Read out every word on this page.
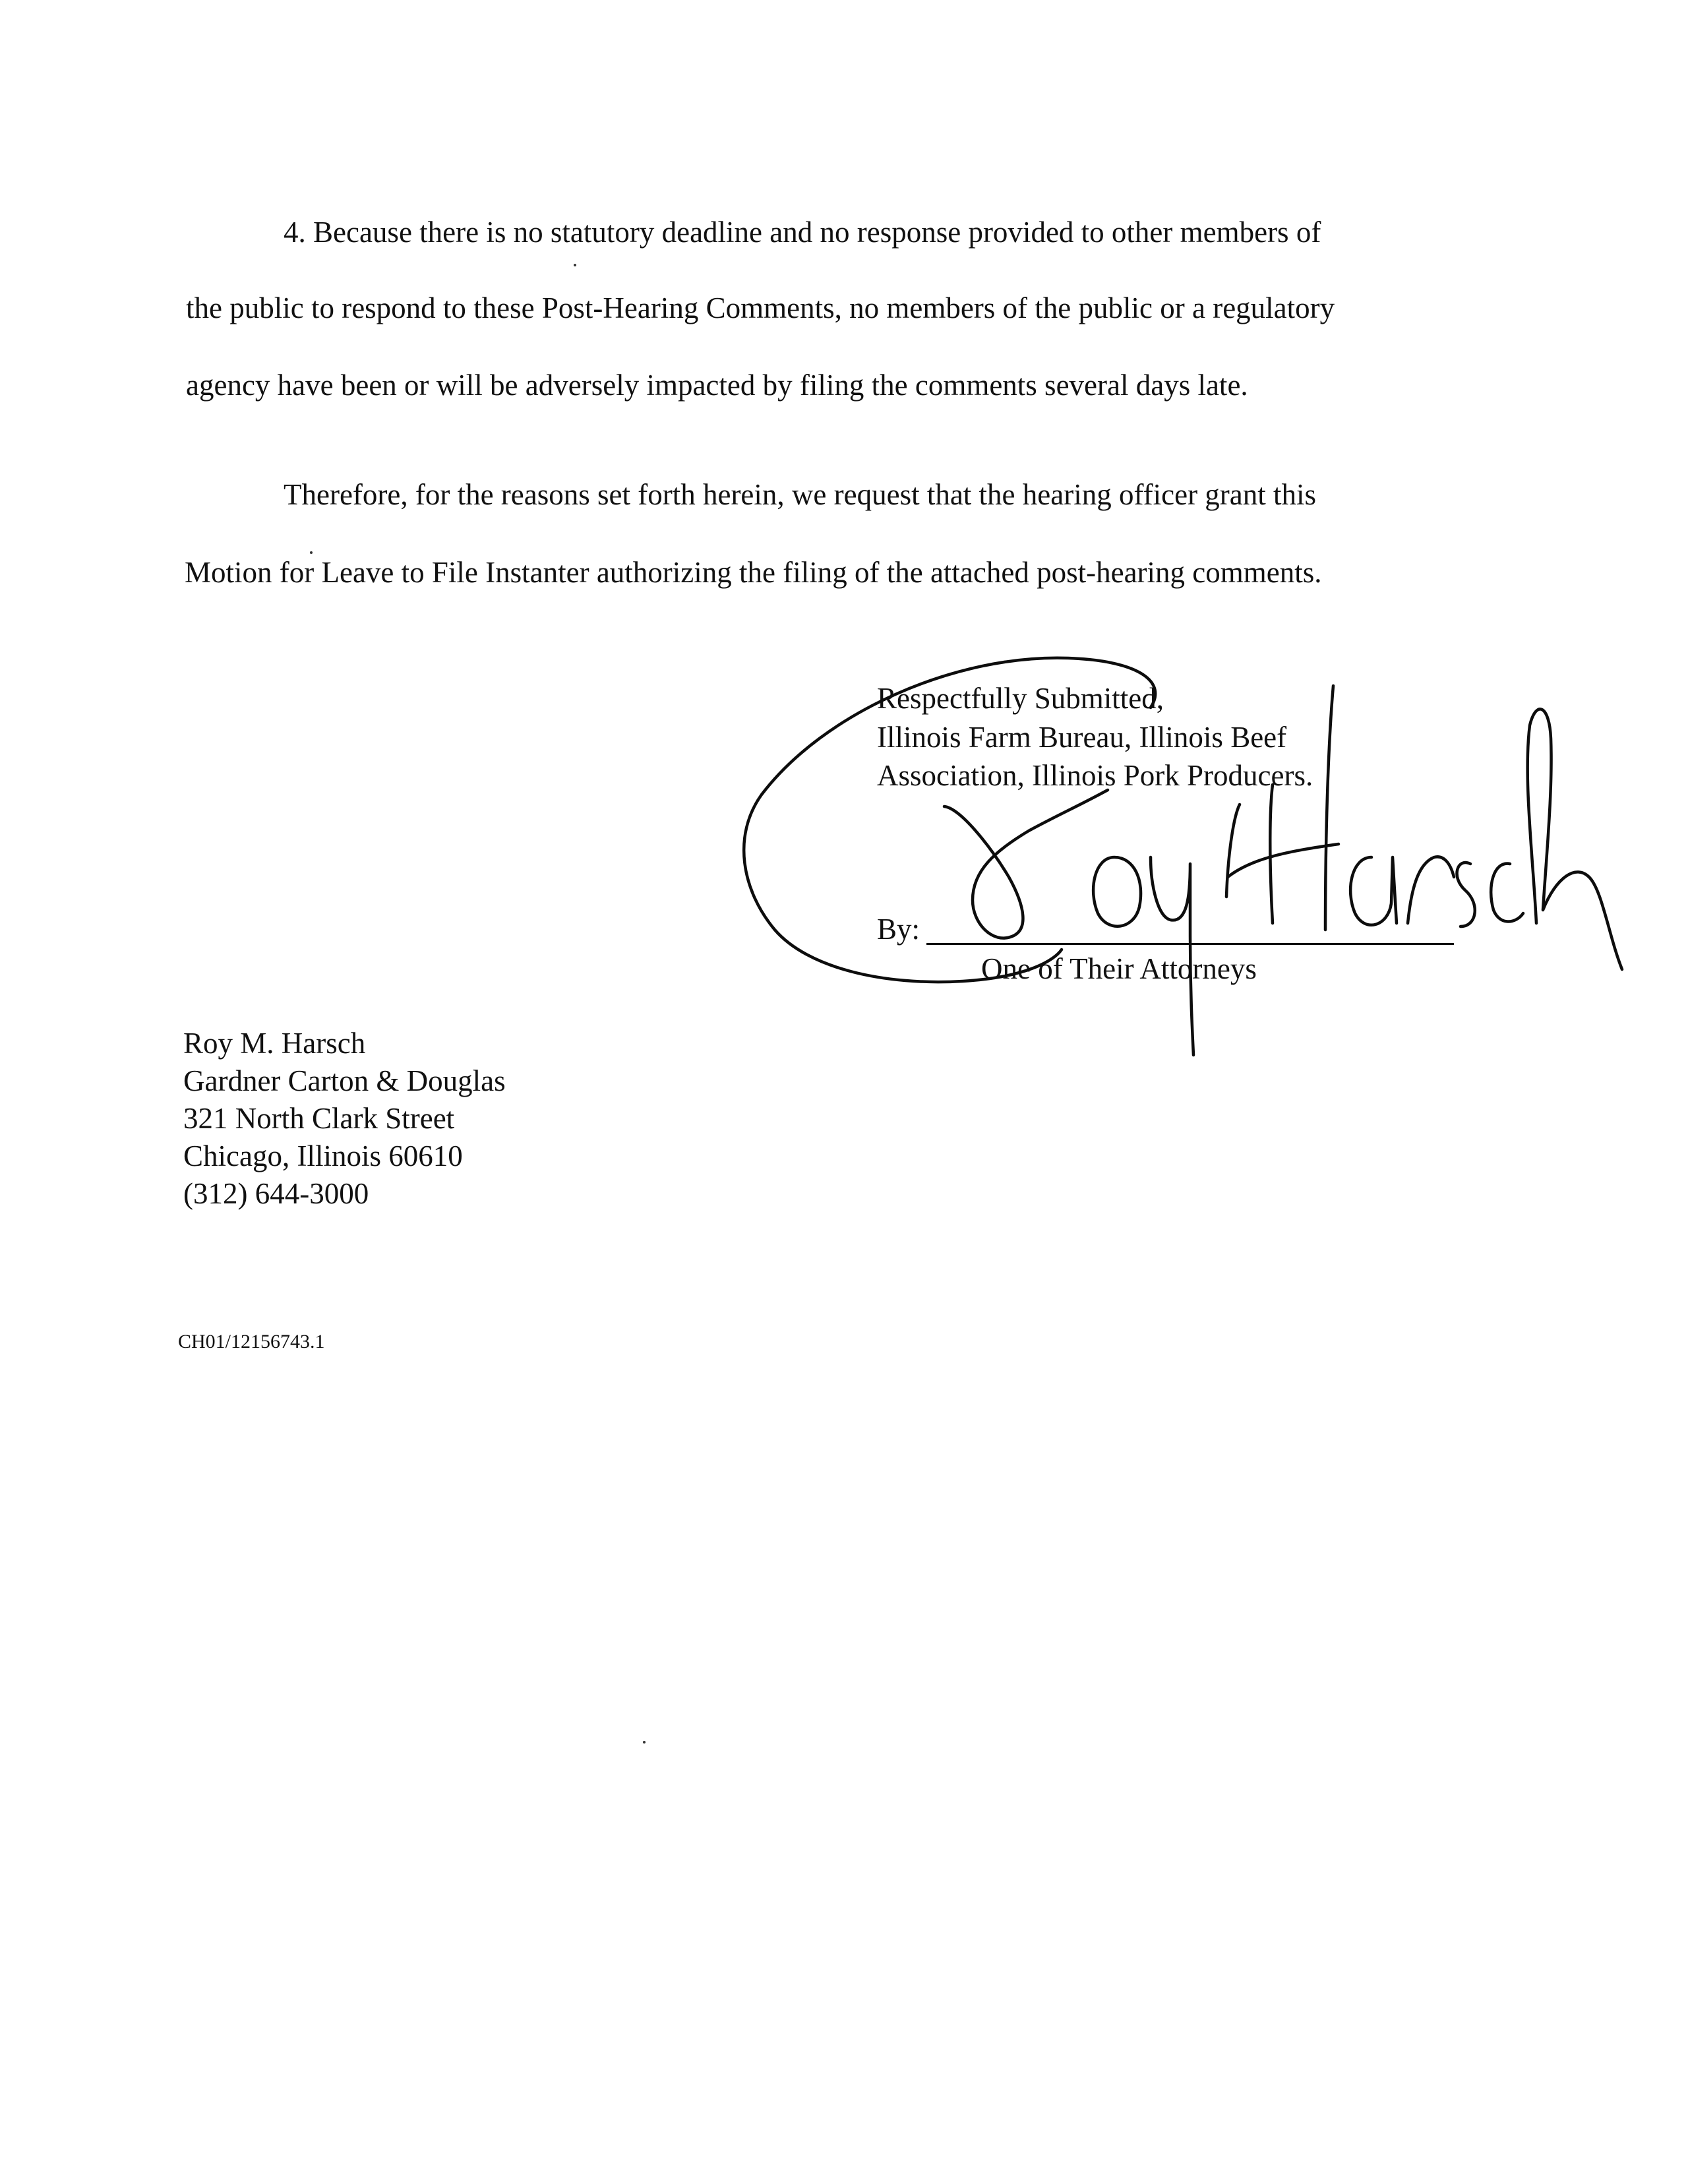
4. Because there is no statutory deadline and no response provided to other members of
the public to respond to these Post-Hearing Comments, no members of the public or a regulatory
agency have been or will be adversely impacted by filing the comments several days late.
Therefore, for the reasons set forth herein, we request that the hearing officer grant this
Motion for Leave to File Instanter authorizing the filing of the attached post-hearing comments.
Respectfully Submitted,
Illinois Farm Bureau, Illinois Beef
Association, Illinois Pork Producers.
By:
One of Their Attorneys
Roy M. Harsch
Gardner Carton & Douglas
321 North Clark Street
Chicago, Illinois 60610
(312) 644-3000
CH01/12156743.1
